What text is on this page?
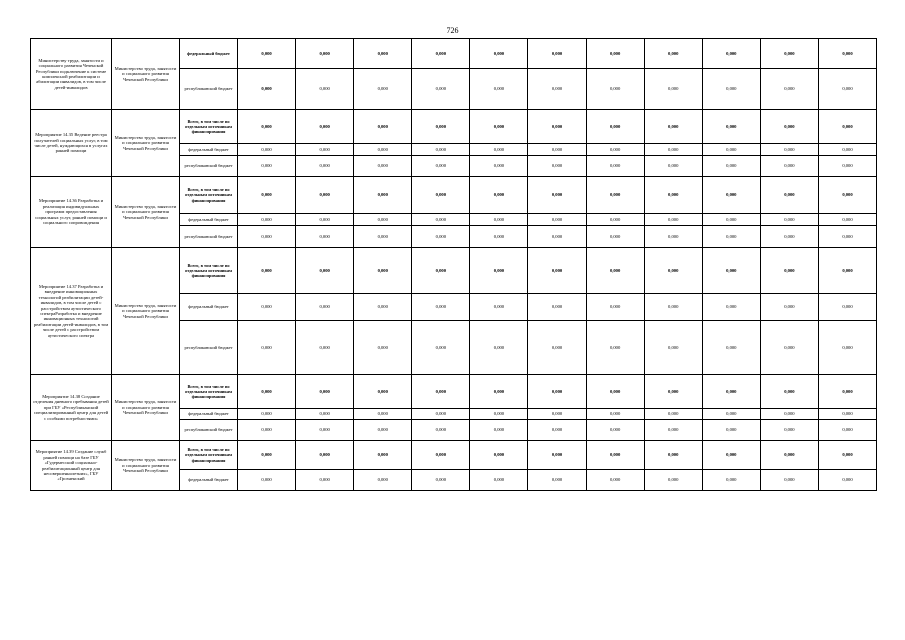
726
Министерству труда, занятости и социального развития Чеченской Республики подключение к системе комплексной реабилитации и абилитации инвалидов, в том числе детей-инвалидов	Министерство труда, занятости и социального развития Чеченской Республики	федеральный бюджет	0,000	0,000	0,000	0,000	0,000	0,000	0,000	0,000	0,000	0,000	0,000
		республиканский бюджет	0,000	0,000	0,000	0,000	0,000	0,000	0,000	0,000	0,000	0,000	0,000
Мероприятие 14.35 Ведение реестра получателей социальных услуг, в том числе детей, нуждающихся в услугах ранней помощи	Министерство труда, занятости и социального развития Чеченской Республики	Всего, в том числе по отдельным источникам финансирования	0,000	0,000	0,000	0,000	0,000	0,000	0,000	0,000	0,000	0,000	0,000
		федеральный бюджет	0,000	0,000	0,000	0,000	0,000	0,000	0,000	0,000	0,000	0,000	0,000
		республиканский бюджет	0,000	0,000	0,000	0,000	0,000	0,000	0,000	0,000	0,000	0,000	0,000
Мероприятие 14.36 Разработка и реализация индивидуальных программ предоставления социальных услуг, ранней помощи и социального сопровождения	Министерство труда, занятости и социального развития Чеченской Республики	Всего, в том числе по отдельным источникам финансирования	0,000	0,000	0,000	0,000	0,000	0,000	0,000	0,000	0,000	0,000	0,000
		федеральный бюджет	0,000	0,000	0,000	0,000	0,000	0,000	0,000	0,000	0,000	0,000	0,000
		республиканский бюджет	0,000	0,000	0,000	0,000	0,000	0,000	0,000	0,000	0,000	0,000	0,000
Мероприятие 14.37 Разработка и внедрение инновационных технологий реабилитации детей-инвалидов, в том числе детей с расстройством аутистического спектраРазработка и внедрение инновационных технологий реабилитации детей-инвалидов, в том числе детей с расстройством аутистического спектра	Министерство труда, занятости и социального развития Чеченской Республики	Всего, в том числе по отдельным источникам финансирования	0,000	0,000	0,000	0,000	0,000	0,000	0,000	0,000	0,000	0,000	0,000
		федеральный бюджет	0,000	0,000	0,000	0,000	0,000	0,000	0,000	0,000	0,000	0,000	0,000
		республиканский бюджет	0,000	0,000	0,000	0,000	0,000	0,000	0,000	0,000	0,000	0,000	0,000
Мероприятие 14.38 Создание отделения дневного пребывания детей при ГБУ «Республиканский специализированный центр для детей с особыми потребностями»	Министерство труда, занятости и социального развития Чеченской Республики	Всего, в том числе по отдельным источникам финансирования	0,000	0,000	0,000	0,000	0,000	0,000	0,000	0,000	0,000	0,000	0,000
		федеральный бюджет	0,000	0,000	0,000	0,000	0,000	0,000	0,000	0,000	0,000	0,000	0,000
		республиканский бюджет	0,000	0,000	0,000	0,000	0,000	0,000	0,000	0,000	0,000	0,000	0,000
Мероприятие 14.39 Создание служб ранней помощи на базе ГБУ «Гудермесский социально-реабилитационный центр для несовершеннолетних», ГБУ «Грозненский	Министерство труда, занятости и социального развития Чеченской Республики	Всего, в том числе по отдельным источникам финансирования	0,000	0,000	0,000	0,000	0,000	0,000	0,000	0,000	0,000	0,000	0,000
		федеральный бюджет	0,000	0,000	0,000	0,000	0,000	0,000	0,000	0,000	0,000	0,000	0,000
